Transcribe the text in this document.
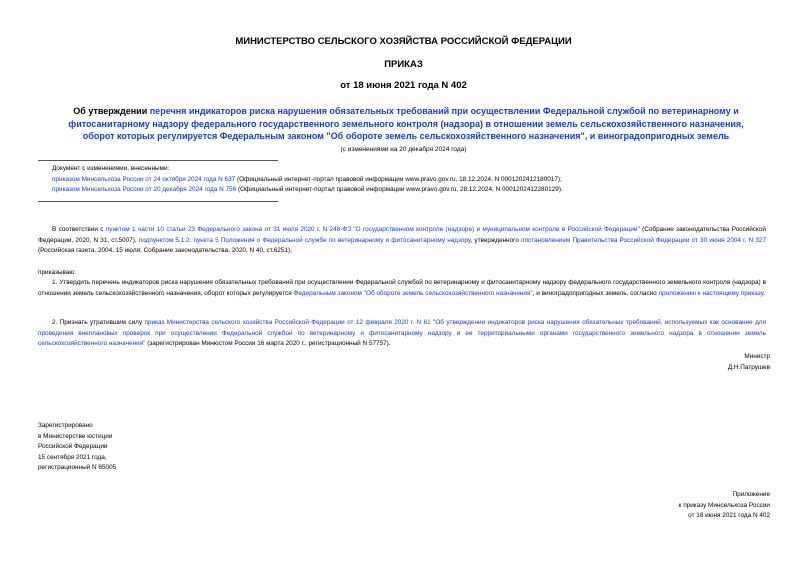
МИНИСТЕРСТВО СЕЛЬСКОГО ХОЗЯЙСТВА РОССИЙСКОЙ ФЕДЕРАЦИИ
ПРИКАЗ
от 18 июня 2021 года N 402
Об утверждении перечня индикаторов риска нарушения обязательных требований при осуществлении Федеральной службой по ветеринарному и фитосанитарному надзору федерального государственного земельного контроля (надзора) в отношении земель сельскохозяйственного назначения, оборот которых регулируется Федеральным законом "Об обороте земель сельскохозяйственного назначения", и виноградопригодных земель
(с изменениями на 20 декабря 2024 года)
Документ с изменениями, внесенными:
приказом Минсельхоза России от 24 октября 2024 года N 637 (Официальный интернет-портал правовой информации www.pravo.gov.ru, 18.12.2024, N 0001202412180017);
приказом Минсельхоза России от 20 декабря 2024 года N 756 (Официальный интернет-портал правовой информации www.pravo.gov.ru, 28.12.2024, N 0001202412280129).
В соответствии с пунктом 1 части 10 статьи 23 Федерального закона от 31 июля 2020 г. N 248-ФЗ "О государственном контроле (надзоре) и муниципальном контроле в Российской Федерации" (Собрание законодательства Российской Федерации, 2020, N 31, ст.5007), подпунктом 5.1.2. пункта 5 Положения о Федеральной службе по ветеринарному и фитосанитарному надзору, утвержденного постановлением Правительства Российской Федерации от 30 июня 2004 г. N 327 (Российская газета, 2004, 15 июля; Собрание законодательства, 2020, N 40, ст.6251),
приказываю:
1. Утвердить перечень индикаторов риска нарушения обязательных требований при осуществлении Федеральной службой по ветеринарному и фитосанитарному надзору федерального государственного земельного контроля (надзора) в отношении земель сельскохозяйственного назначения, оборот которых регулируется Федеральным законом "Об обороте земель сельскохозяйственного назначения", и виноградопригодных земель, согласно приложению к настоящему приказу.
2. Признать утратившим силу приказ Министерства сельского хозяйства Российской Федерации от 12 февраля 2020 г. N 61 "Об утверждении индикаторов риска нарушения обязательных требований, используемых как основание для проведения внеплановых проверок при осуществлении Федеральной службой по ветеринарному и фитосанитарному надзору и ее территориальными органами государственного земельного надзора в отношении земель сельскохозяйственного назначения" (зарегистрирован Минюстом России 16 марта 2020 г., регистрационный N 57757).
Министр
Д.Н.Патрушев
Зарегистрировано
в Министерстве юстиции
Российской Федерации
15 сентября 2021 года,
регистрационный N 65005
Приложение
к приказу Минсельхоза России
от 18 июня 2021 года N 402
